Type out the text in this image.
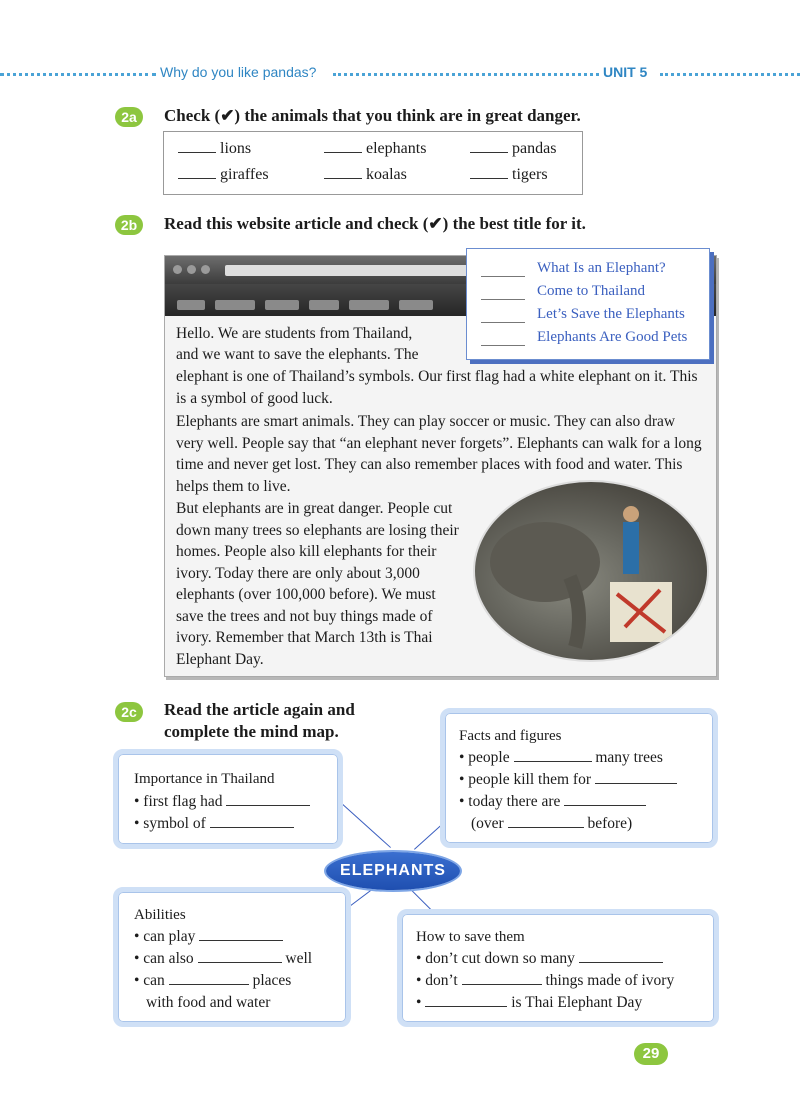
Why do you like pandas?	UNIT 5
2a	Check (✔) the animals that you think are in great danger.
lions	elephants	pandas
giraffes	koalas	tigers
2b	Read this website article and check (✔) the best title for it.
What Is an Elephant?
Come to Thailand
Let’s Save the Elephants
Elephants Are Good Pets
Hello. We are students from Thailand,
and we want to save the elephants. The
elephant is one of Thailand’s symbols. Our first flag had a white elephant on it. This is a symbol of good luck.
Elephants are smart animals. They can play soccer or music. They can also draw very well. People say that “an elephant never forgets”. Elephants can walk for a long time and never get lost. They can also remember places with food and water. This helps them to live.
But elephants are in great danger. People cut down many trees so elephants are losing their homes. People also kill elephants for their ivory. Today there are only about 3,000 elephants (over 100,000 before). We must save the trees and not buy things made of ivory. Remember that March 13th is Thai Elephant Day.
2c	Read the article again and
complete the mind map.
Importance in Thailand
• first flag had
• symbol of
Facts and figures
• people	many trees
• people kill them for
• today there are
(over	before)
ELEPHANTS
Abilities
• can play
• can also	well
• can	places
with food and water
How to save them
• don’t cut down so many
• don’t	things made of ivory
•	is Thai Elephant Day
29
